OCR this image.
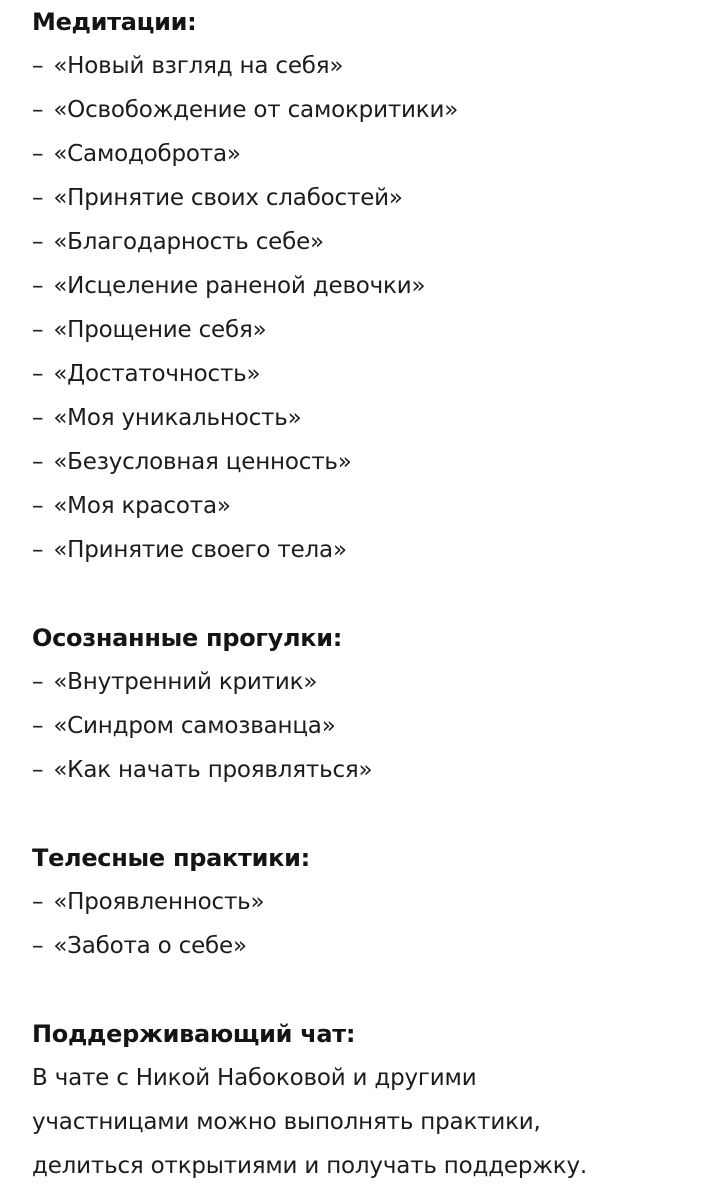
Медитации:
– «Новый взгляд на себя»
– «Освобождение от самокритики»
– «Самодоброта»
– «Принятие своих слабостей»
– «Благодарность себе»
– «Исцеление раненой девочки»
– «Прощение себя»
– «Достаточность»
– «Моя уникальность»
– «Безусловная ценность»
– «Моя красота»
– «Принятие своего тела»
Осознанные прогулки:
– «Внутренний критик»
– «Синдром самозванца»
– «Как начать проявляться»
Телесные практики:
– «Проявленность»
– «Забота о себе»
Поддерживающий чат:
В чате с Никой Набоковой и другими
участницами можно выполнять практики,
делиться открытиями и получать поддержку.
